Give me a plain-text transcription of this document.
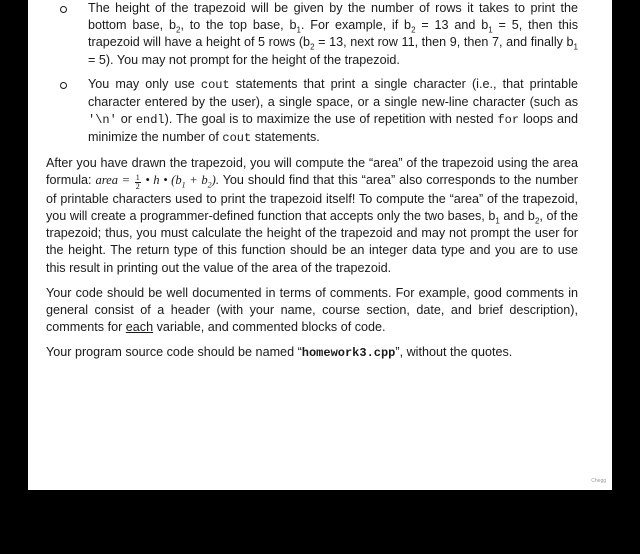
The height of the trapezoid will be given by the number of rows it takes to print the bottom base, $b_2$, to the top base, $b_1$. For example, if $b_2 = 13$ and $b_1 = 5$, then this trapezoid will have a height of 5 rows ($b_2 = 13$, next row 11, then 9, then 7, and finally $b_1 = 5$). You may not prompt for the height of the trapezoid.
You may only use cout statements that print a single character (i.e., that printable character entered by the user), a single space, or a single new-line character (such as '\n' or endl). The goal is to maximize the use of repetition with nested for loops and minimize the number of cout statements.

After you have drawn the trapezoid, you will compute the “area” of the trapezoid using the area formula: area = $\frac{1}{2}$ • h • $(b_1 + b_2)$. You should find that this “area” also corresponds to the number of printable characters used to print the trapezoid itself! To compute the “area” of the trapezoid, you will create a programmer-defined function that accepts only the two bases, $b_1$ and $b_2$, of the trapezoid; thus, you must calculate the height of the trapezoid and may not prompt the user for the height. The return type of this function should be an integer data type and you are to use this result in printing out the value of the area of the trapezoid.

Your code should be well documented in terms of comments. For example, good comments in general consist of a header (with your name, course section, date, and brief description), comments for each variable, and commented blocks of code.

Your program source code should be named “homework3.cpp”, without the quotes.

Chegg
